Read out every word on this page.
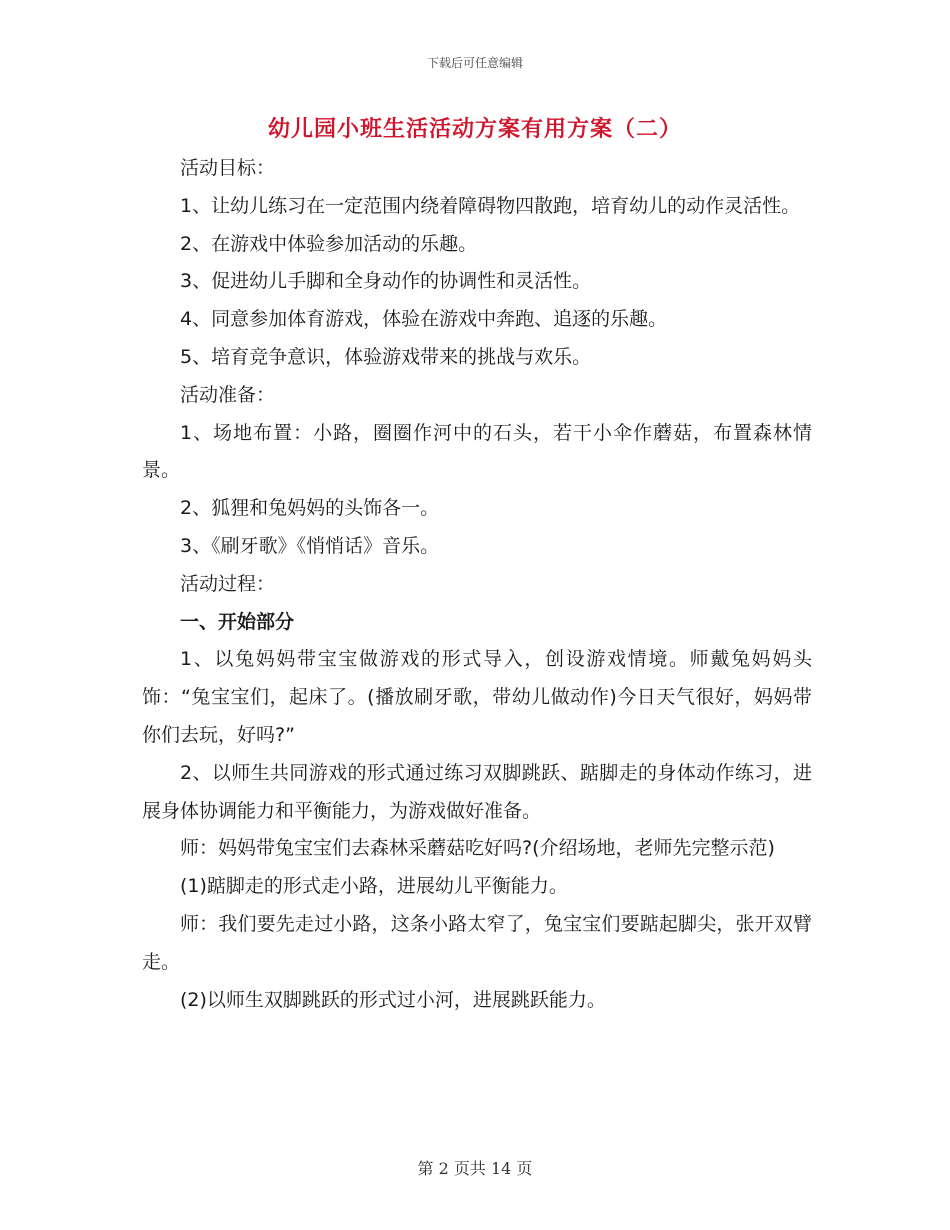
下载后可任意编辑
幼儿园小班生活活动方案有用方案（二）

活动目标：

1、让幼儿练习在一定范围内绕着障碍物四散跑，培育幼儿的动作灵活性。

2、在游戏中体验参加活动的乐趣。

3、促进幼儿手脚和全身动作的协调性和灵活性。

4、同意参加体育游戏，体验在游戏中奔跑、追逐的乐趣。

5、培育竞争意识，体验游戏带来的挑战与欢乐。

活动准备：

1、场地布置：小路，圈圈作河中的石头，若干小伞作蘑菇，布置森林情景。

2、狐狸和兔妈妈的头饰各一。

3、《刷牙歌》《悄悄话》音乐。

活动过程：

一、开始部分

1、以兔妈妈带宝宝做游戏的形式导入，创设游戏情境。师戴兔妈妈头饰：“兔宝宝们，起床了。(播放刷牙歌，带幼儿做动作)今日天气很好，妈妈带你们去玩，好吗?”

2、以师生共同游戏的形式通过练习双脚跳跃、踮脚走的身体动作练习，进展身体协调能力和平衡能力，为游戏做好准备。

师：妈妈带兔宝宝们去森林采蘑菇吃好吗?(介绍场地，老师先完整示范)

(1)踮脚走的形式走小路，进展幼儿平衡能力。

师：我们要先走过小路，这条小路太窄了，兔宝宝们要踮起脚尖，张开双臂走。

(2)以师生双脚跳跃的形式过小河，进展跳跃能力。

第 2 页共 14 页
